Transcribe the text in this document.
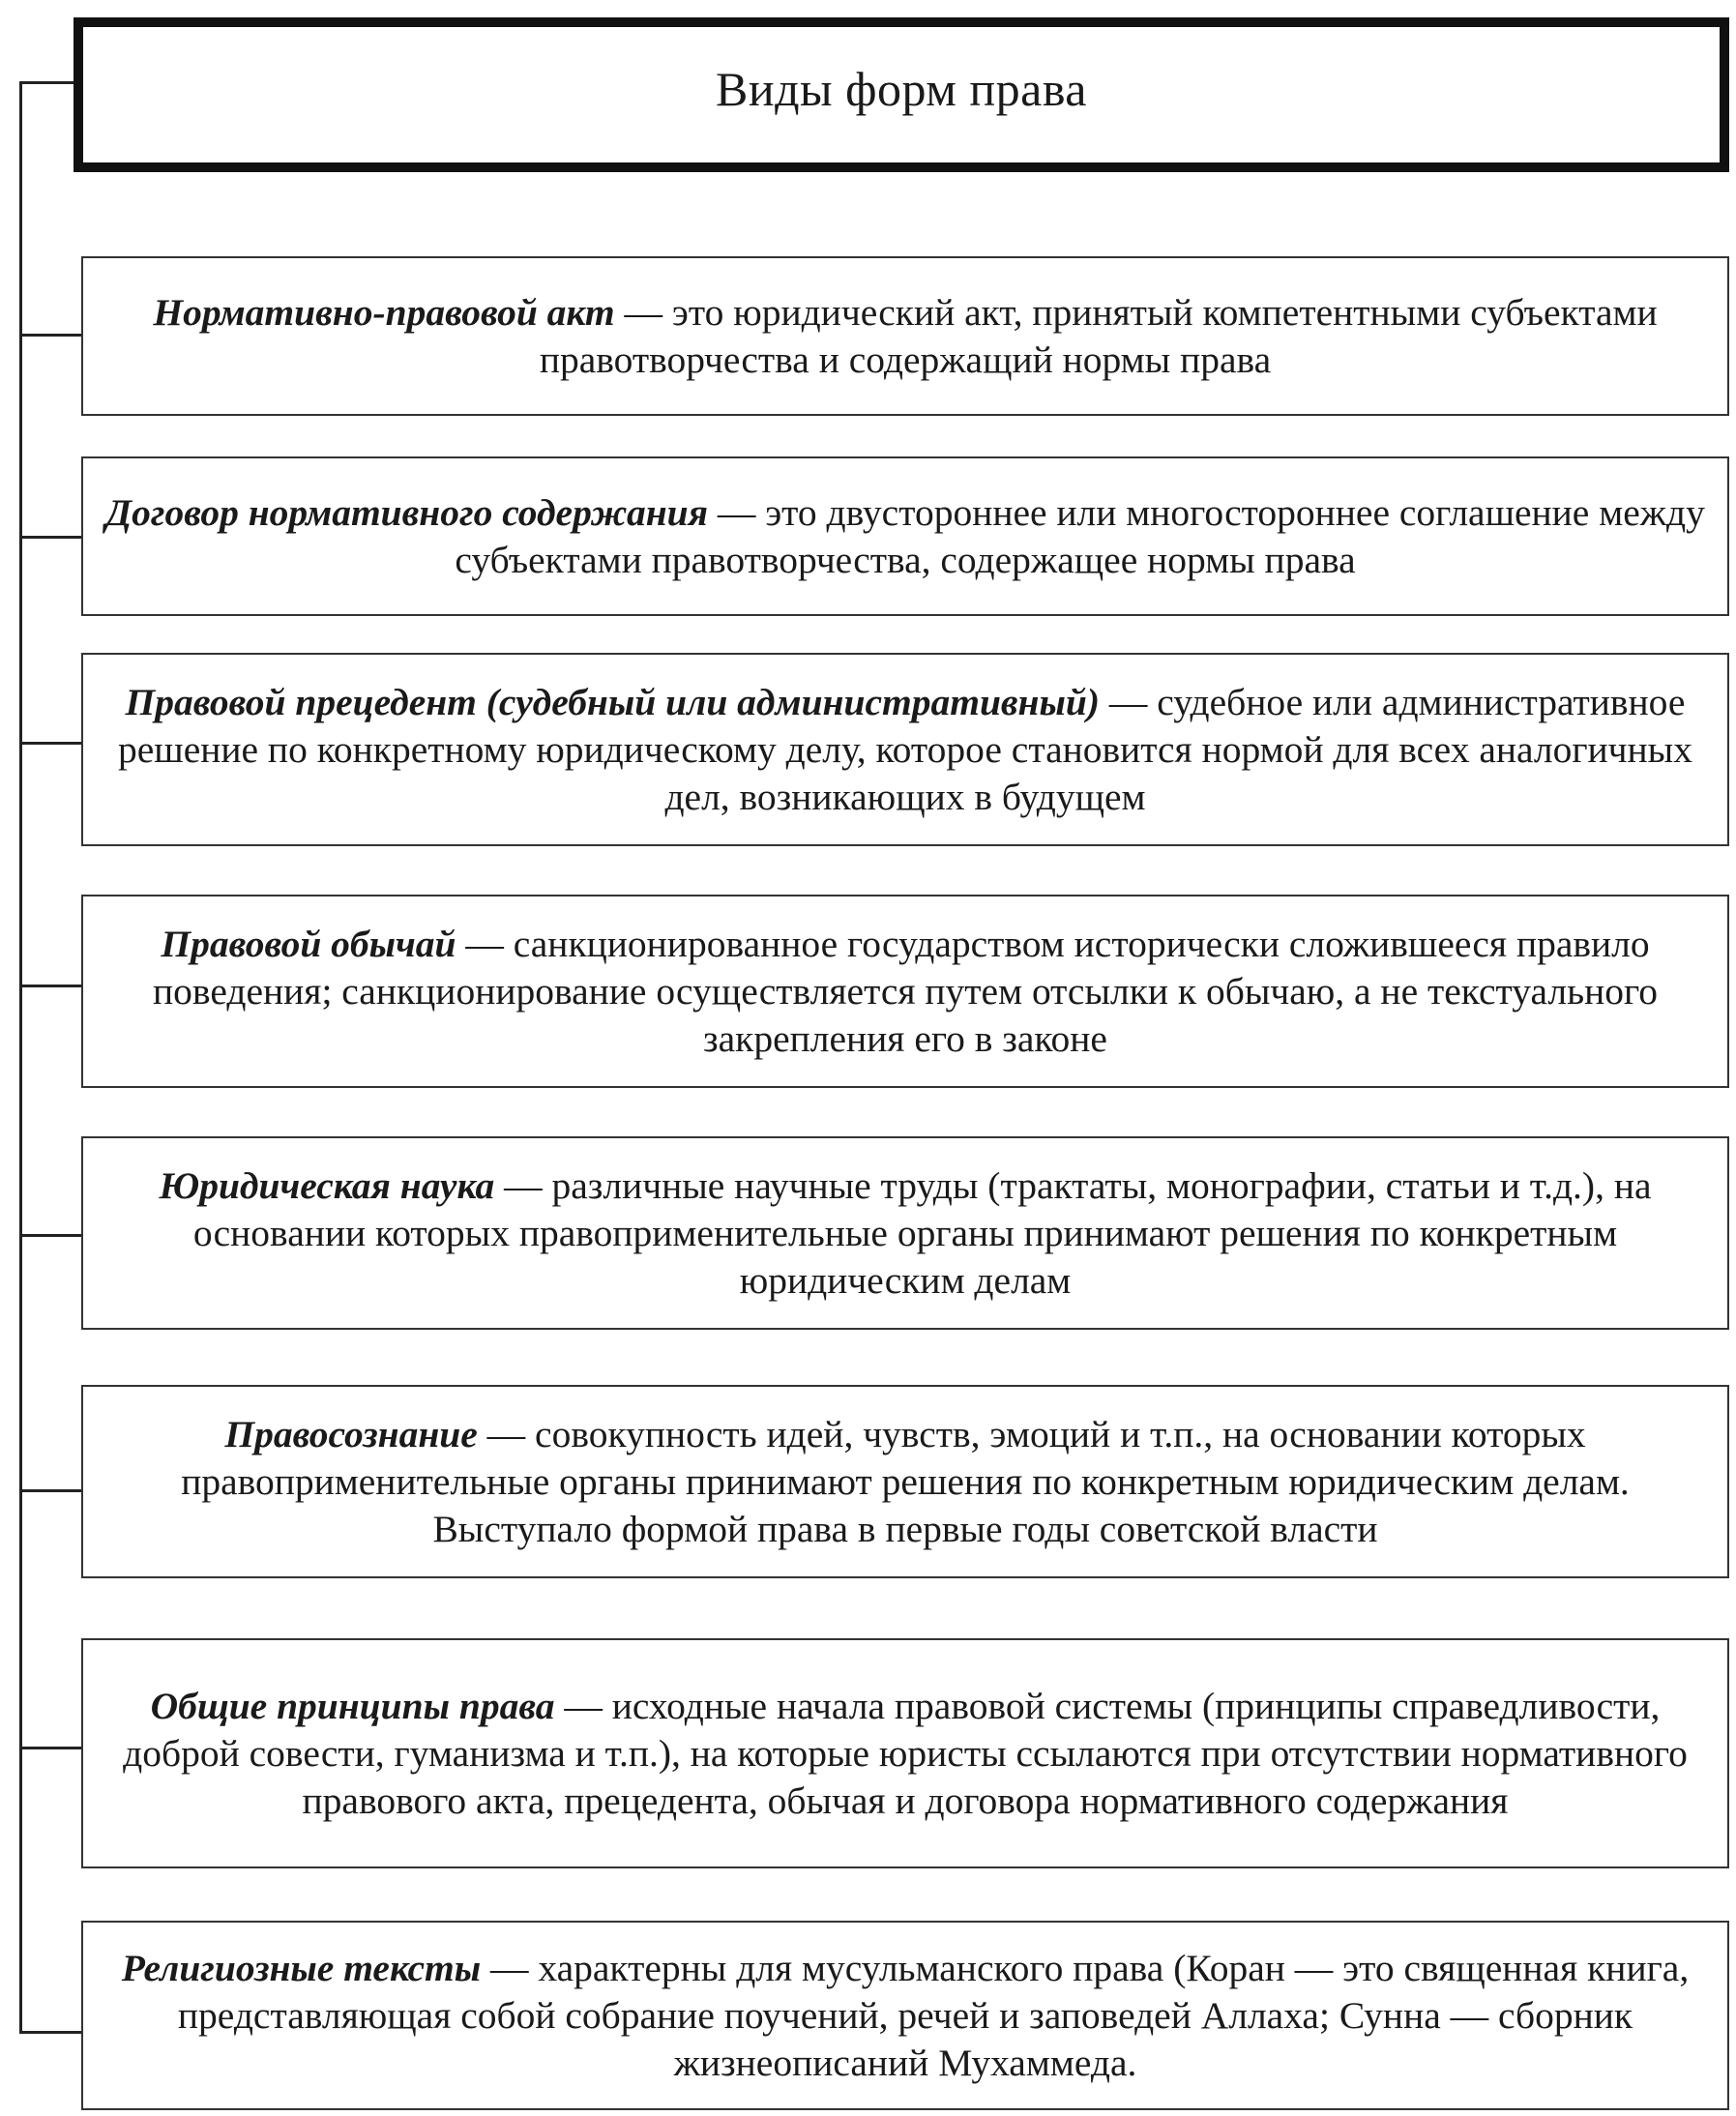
Виды форм права
Нормативно-правовой акт — это юридический акт, принятый компетентными субъектами правотворчества и содержащий нормы права
Договор нормативного содержания — это двустороннее или многостороннее соглашение между субъектами правотворчества, содержащее нормы права
Правовой прецедент (судебный или административный) — судебное или административное решение по конкретному юридическому делу, которое становится нормой для всех аналогичных дел, возникающих в будущем
Правовой обычай — санкционированное государством исторически сложившееся правило поведения; санкционирование осуществляется путем отсылки к обычаю, а не текстуального закрепления его в законе
Юридическая наука — различные научные труды (трактаты, монографии, статьи и т.д.), на основании которых правоприменительные органы принимают решения по конкретным юридическим делам
Правосознание — совокупность идей, чувств, эмоций и т.п., на основании которых правоприменительные органы принимают решения по конкретным юридическим делам. Выступало формой права в первые годы советской власти
Общие принципы права — исходные начала правовой системы (принципы справедливости, доброй совести, гуманизма и т.п.), на которые юристы ссылаются при отсутствии нормативного правового акта, прецедента, обычая и договора нормативного содержания
Религиозные тексты — характерны для мусульманского права (Коран — это священная книга, представляющая собой собрание поучений, речей и заповедей Аллаха; Сунна — сборник жизнеописаний Мухаммеда.
